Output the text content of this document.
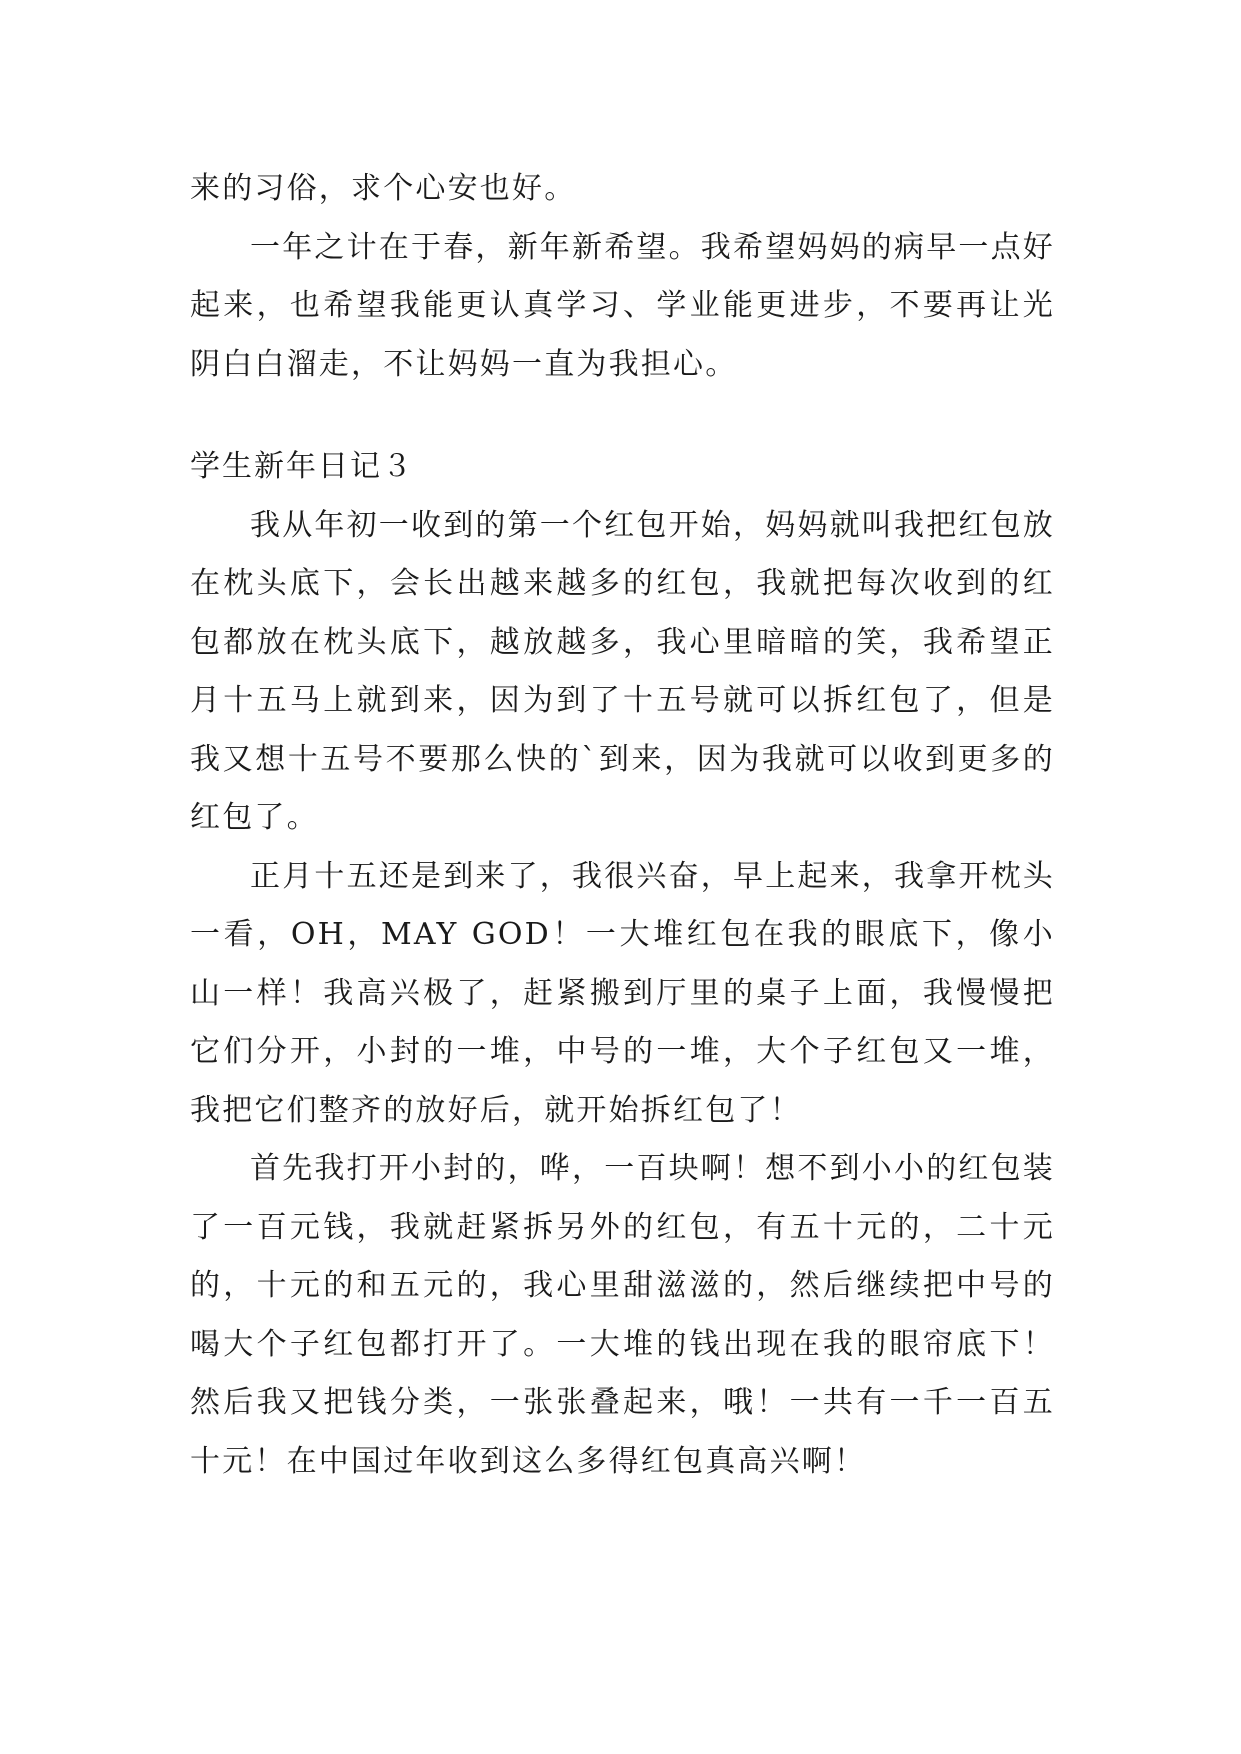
来的习俗，求个心安也好。

一年之计在于春，新年新希望。我希望妈妈的病早一点好起来，也希望我能更认真学习、学业能更进步，不要再让光阴白白溜走，不让妈妈一直为我担心。

学生新年日记３

我从年初一收到的第一个红包开始，妈妈就叫我把红包放在枕头底下，会长出越来越多的红包，我就把每次收到的红包都放在枕头底下，越放越多，我心里暗暗的笑，我希望正月十五马上就到来，因为到了十五号就可以拆红包了，但是我又想十五号不要那么快的`到来，因为我就可以收到更多的红包了。

正月十五还是到来了，我很兴奋，早上起来，我拿开枕头一看，OH，MAY GOD！一大堆红包在我的眼底下，像小山一样！我高兴极了，赶紧搬到厅里的桌子上面，我慢慢把它们分开，小封的一堆，中号的一堆，大个子红包又一堆，我把它们整齐的放好后，就开始拆红包了！

首先我打开小封的，哗，一百块啊！想不到小小的红包装了一百元钱，我就赶紧拆另外的红包，有五十元的，二十元的，十元的和五元的，我心里甜滋滋的，然后继续把中号的喝大个子红包都打开了。一大堆的钱出现在我的眼帘底下！然后我又把钱分类，一张张叠起来，哦！一共有一千一百五十元！在中国过年收到这么多得红包真高兴啊！
